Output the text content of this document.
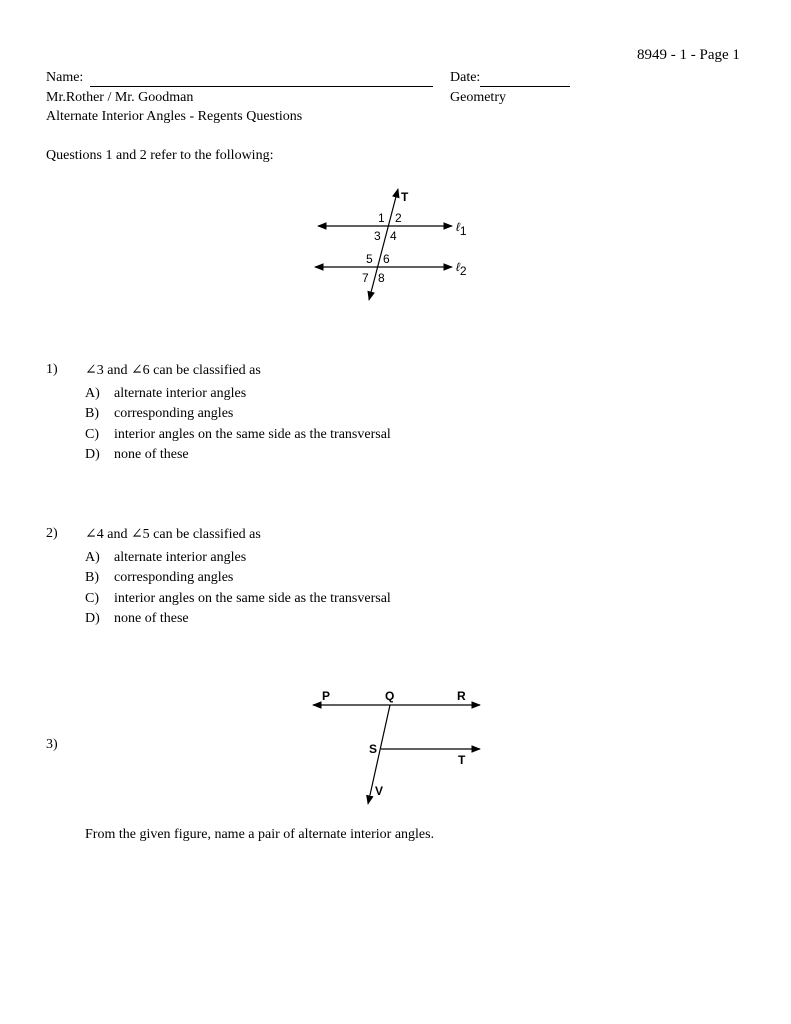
8949 - 1 - Page 1
Name:	Date:
Mr.Rother / Mr. Goodman	Geometry
Alternate Interior Angles - Regents Questions
Questions 1 and 2 refer to the following:
T
ℓ1
ℓ2
1 2
3 4
5 6
7 8
P	Q	R
S
T
V
1) ∠3 and ∠6 can be classified as
A) alternate interior angles
B) corresponding angles
C) interior angles on the same side as the transversal
D) none of these
2) ∠4 and ∠5 can be classified as
A) alternate interior angles
B) corresponding angles
C) interior angles on the same side as the transversal
D) none of these
3)
From the given figure, name a pair of alternate interior angles.
